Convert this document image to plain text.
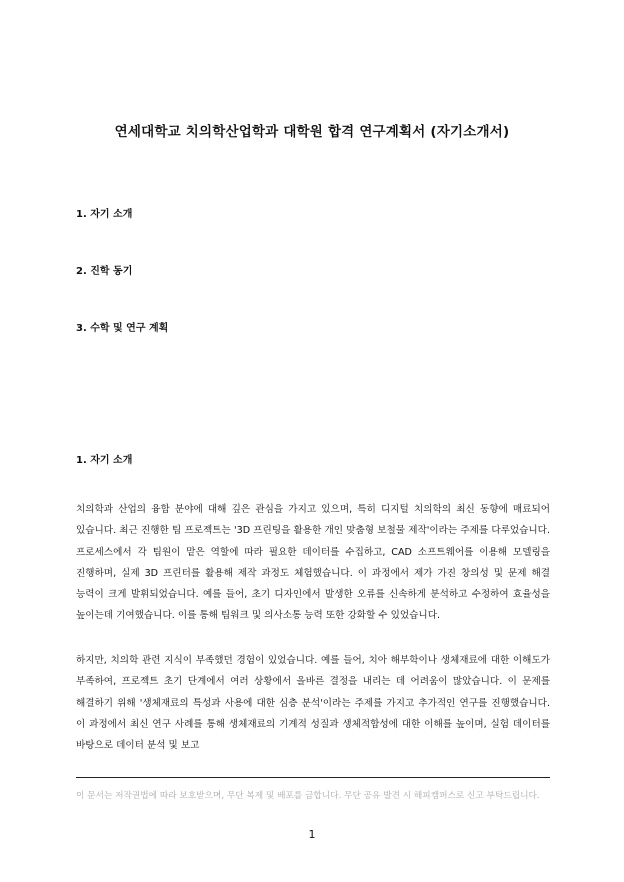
연세대학교 치의학산업학과 대학원 합격 연구계획서 (자기소개서)
1. 자기 소개
2. 진학 동기
3. 수학 및 연구 계획
1. 자기 소개
치의학과 산업의 융합 분야에 대해 깊은 관심을 가지고 있으며, 특히 디지털 치의학의 최신 동향에 매료되어 있습니다. 최근 진행한 팀 프로젝트는 '3D 프린팅을 활용한 개인 맞춤형 보철물 제작'이라는 주제를 다루었습니다. 프로세스에서 각 팀원이 맡은 역할에 따라 필요한 데이터를 수집하고, CAD 소프트웨어를 이용해 모델링을 진행하며, 실제 3D 프린터를 활용해 제작 과정도 체험했습니다. 이 과정에서 제가 가진 창의성 및 문제 해결 능력이 크게 발휘되었습니다. 예를 들어, 초기 디자인에서 발생한 오류를 신속하게 분석하고 수정하여 효율성을 높이는데 기여했습니다. 이를 통해 팀워크 및 의사소통 능력 또한 강화할 수 있었습니다.
하지만, 치의학 관련 지식이 부족했던 경험이 있었습니다. 예를 들어, 치아 해부학이나 생체재료에 대한 이해도가 부족하여, 프로젝트 초기 단계에서 여러 상황에서 올바른 결정을 내리는 데 어려움이 많았습니다. 이 문제를 해결하기 위해 '생체재료의 특성과 사용에 대한 심층 분석'이라는 주제를 가지고 추가적인 연구를 진행했습니다. 이 과정에서 최신 연구 사례를 통해 생체재료의 기계적 성질과 생체적합성에 대한 이해를 높이며, 실험 데이터를 바탕으로 데이터 분석 및 보고
이 문서는 저작권법에 따라 보호받으며, 무단 복제 및 배포를 금합니다. 무단 공유 발견 시 해피캠퍼스로 신고 부탁드립니다.
1
